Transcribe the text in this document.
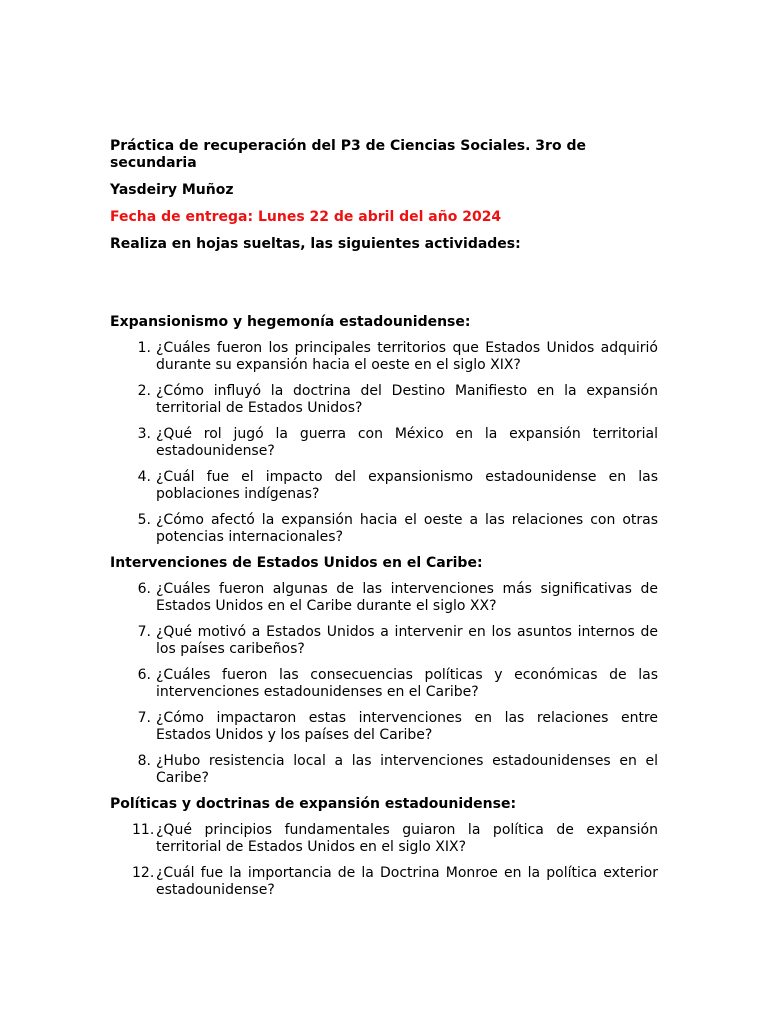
Práctica de recuperación del P3 de Ciencias Sociales. 3ro de secundaria

Yasdeiry Muñoz

Fecha de entrega: Lunes 22 de abril del año 2024

Realiza en hojas sueltas, las siguientes actividades:

Expansionismo y hegemonía estadounidense:

1. ¿Cuáles fueron los principales territorios que Estados Unidos adquirió durante su expansión hacia el oeste en el siglo XIX?
2. ¿Cómo influyó la doctrina del Destino Manifiesto en la expansión territorial de Estados Unidos?
3. ¿Qué rol jugó la guerra con México en la expansión territorial estadounidense?
4. ¿Cuál fue el impacto del expansionismo estadounidense en las poblaciones indígenas?
5. ¿Cómo afectó la expansión hacia el oeste a las relaciones con otras potencias internacionales?

Intervenciones de Estados Unidos en el Caribe:

6. ¿Cuáles fueron algunas de las intervenciones más significativas de Estados Unidos en el Caribe durante el siglo XX?
7. ¿Qué motivó a Estados Unidos a intervenir en los asuntos internos de los países caribeños?
6. ¿Cuáles fueron las consecuencias políticas y económicas de las intervenciones estadounidenses en el Caribe?
7. ¿Cómo impactaron estas intervenciones en las relaciones entre Estados Unidos y los países del Caribe?
8. ¿Hubo resistencia local a las intervenciones estadounidenses en el Caribe?

Políticas y doctrinas de expansión estadounidense:

11. ¿Qué principios fundamentales guiaron la política de expansión territorial de Estados Unidos en el siglo XIX?
12. ¿Cuál fue la importancia de la Doctrina Monroe en la política exterior estadounidense?
